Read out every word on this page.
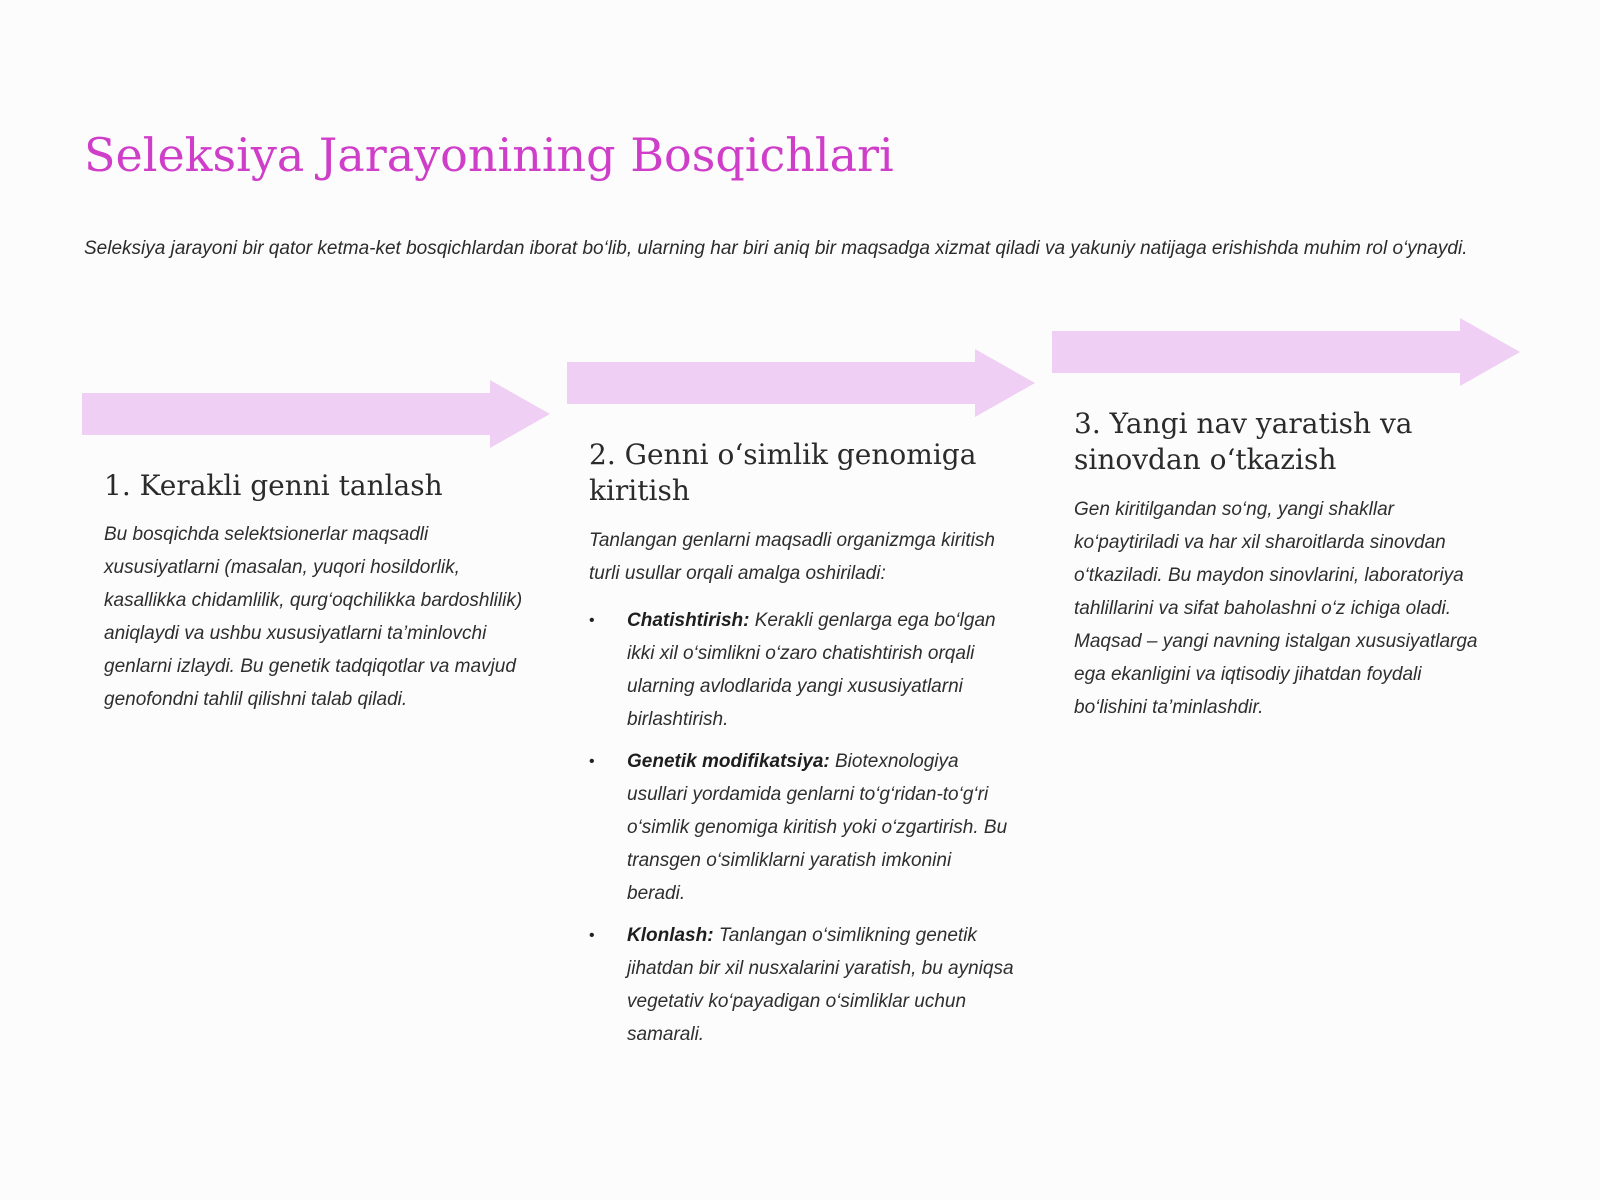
Seleksiya Jarayonining Bosqichlari

Seleksiya jarayoni bir qator ketma-ket bosqichlardan iborat bo‘lib, ularning har biri aniq bir maqsadga xizmat qiladi va yakuniy natijaga erishishda muhim rol o‘ynaydi.

1. Kerakli genni tanlash

Bu bosqichda selektsionerlar maqsadli xususiyatlarni (masalan, yuqori hosildorlik, kasallikka chidamlilik, qurg‘oqchilikka bardoshlilik) aniqlaydi va ushbu xususiyatlarni ta’minlovchi genlarni izlaydi. Bu genetik tadqiqotlar va mavjud genofondni tahlil qilishni talab qiladi.

2. Genni o‘simlik genomiga kiritish

Tanlangan genlarni maqsadli organizmga kiritish turli usullar orqali amalga oshiriladi:

• Chatishtirish: Kerakli genlarga ega bo‘lgan ikki xil o‘simlikni o‘zaro chatishtirish orqali ularning avlodlarida yangi xususiyatlarni birlashtirish.
• Genetik modifikatsiya: Biotexnologiya usullari yordamida genlarni to‘g‘ridan-to‘g‘ri o‘simlik genomiga kiritish yoki o‘zgartirish. Bu transgen o‘simliklarni yaratish imkonini beradi.
• Klonlash: Tanlangan o‘simlikning genetik jihatdan bir xil nusxalarini yaratish, bu ayniqsa vegetativ ko‘payadigan o‘simliklar uchun samarali.
3. Yangi nav yaratish va sinovdan o‘tkazish

Gen kiritilgandan so‘ng, yangi shakllar ko‘paytiriladi va har xil sharoitlarda sinovdan o‘tkaziladi. Bu maydon sinovlarini, laboratoriya tahlillarini va sifat baholashni o‘z ichiga oladi. Maqsad – yangi navning istalgan xususiyatlarga ega ekanligini va iqtisodiy jihatdan foydali bo‘lishini ta’minlashdir.
